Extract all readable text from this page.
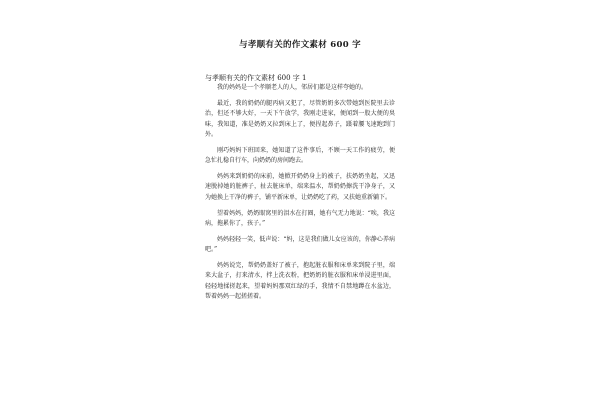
与孝顺有关的作文素材 600 字
与孝顺有关的作文素材 600 字 1

我的妈妈是一个孝顺老人的人，邻居们都是这样夸她的。

最近，我的奶奶的腿丙病又犯了，尽管奶奶多次带她到医院里去诊治，但还不够大好，一天下午放学，我刚走进家，便闻到一股大便的臭味，我知道，准是奶奶又拉到床上了，便捏起鼻子，蹑着腰飞速跑到门外。

刚巧妈妈下班回来，她知道了这件事后，不顾一天工作的疲劳，便急忙扎稳自行车，向奶奶的房间跑去。

妈妈来到奶奶的床前，她掀开奶奶身上的被子，扶奶奶坐起，又迅速脱掉她的脏裤子，扯去脏床单，端来温水，帮奶奶擦洗干净身子，又为她换上干净的裤子，铺平新床单，让奶奶吃了药，又扶她重新躺下。

望着妈妈，奶奶眼窝里的泪水在打圈，她有气无力地说：“唉，我这病，拖累你了，孩子。”

妈妈轻轻一笑，低声说：“妈，这是我们做儿女应该的，你静心养病吧。”

妈妈说完，帮奶奶盖好了被子，抱起脏衣服和床单来到院子里，端来大盆子，打来清水，拌上洗衣粉，把奶奶的脏衣服和床单浸进里面，轻轻地揉搓起来，望着妈妈那双红绿的手，我情不自禁地蹲在水盆边，帮着妈妈一起搓搓着。
